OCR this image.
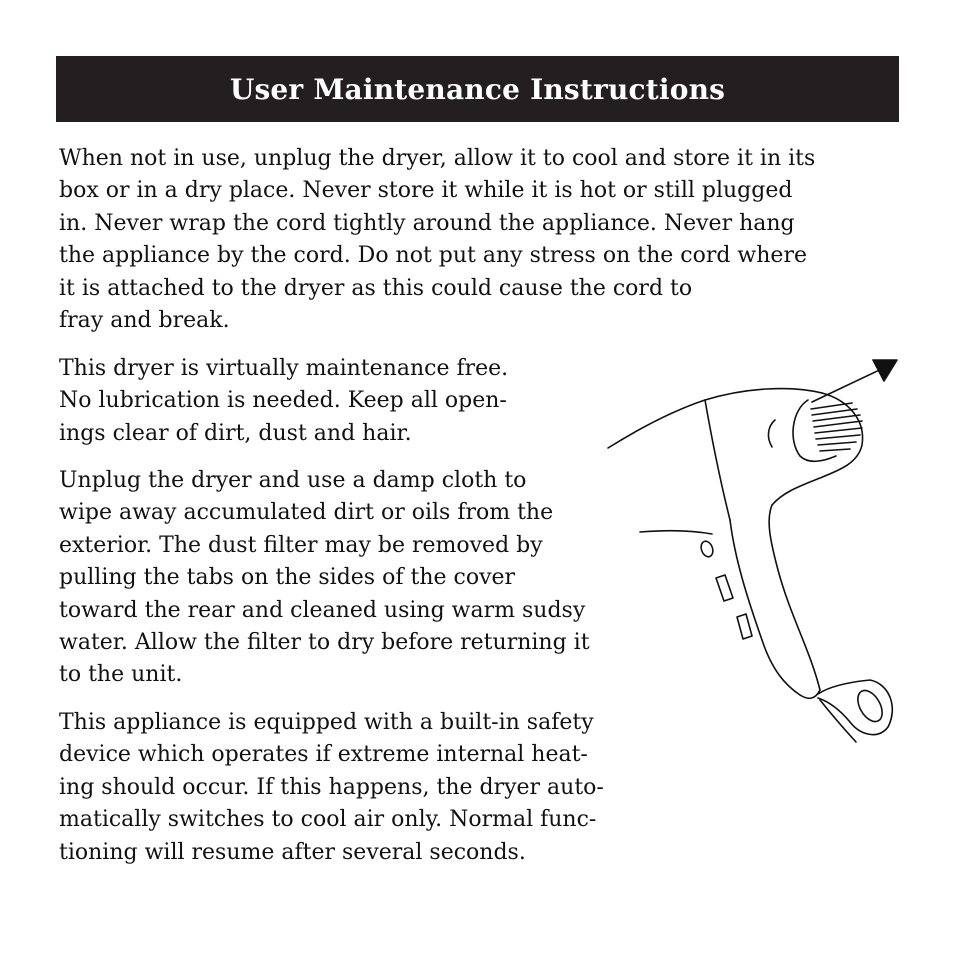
User Maintenance Instructions

When not in use, unplug the dryer, allow it to cool and store it in its
box or in a dry place. Never store it while it is hot or still plugged
in. Never wrap the cord tightly around the appliance. Never hang
the appliance by the cord. Do not put any stress on the cord where
it is attached to the dryer as this could cause the cord to
fray and break.

This dryer is virtually maintenance free.
No lubrication is needed. Keep all open-
ings clear of dirt, dust and hair.

Unplug the dryer and use a damp cloth to
wipe away accumulated dirt or oils from the
exterior. The dust filter may be removed by
pulling the tabs on the sides of the cover
toward the rear and cleaned using warm sudsy
water. Allow the filter to dry before returning it
to the unit.

This appliance is equipped with a built-in safety
device which operates if extreme internal heat-
ing should occur. If this happens, the dryer auto-
matically switches to cool air only. Normal func-
tioning will resume after several seconds.
